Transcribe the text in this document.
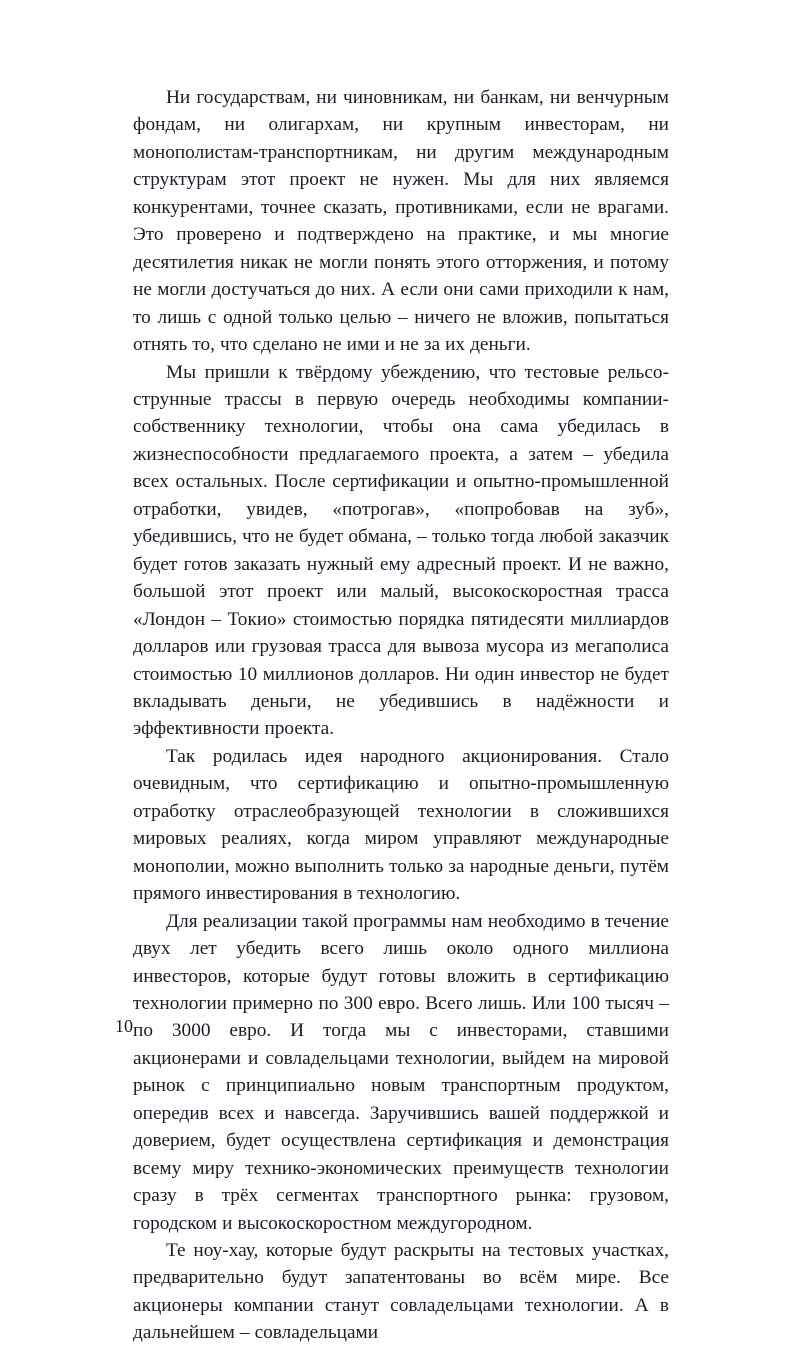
Ни государствам, ни чиновникам, ни банкам, ни венчурным фондам, ни олигархам, ни крупным инвесторам, ни монополистам-транспортникам, ни другим международным структурам этот проект не нужен. Мы для них являемся конкурентами, точнее сказать, противниками, если не врагами. Это проверено и подтверждено на практике, и мы многие десятилетия никак не могли понять этого отторжения, и потому не могли достучаться до них. А если они сами приходили к нам, то лишь с одной только целью – ничего не вложив, попытаться отнять то, что сделано не ими и не за их деньги.

Мы пришли к твёрдому убеждению, что тестовые рельсо-струнные трассы в первую очередь необходимы компании-собственнику технологии, чтобы она сама убедилась в жизнеспособности предлагаемого проекта, а затем – убедила всех остальных. После сертификации и опытно-промышленной отработки, увидев, «потрогав», «попробовав на зуб», убедившись, что не будет обмана, – только тогда любой заказчик будет готов заказать нужный ему адресный проект. И не важно, большой этот проект или малый, высокоскоростная трасса «Лондон – Токио» стоимостью порядка пятидесяти миллиардов долларов или грузовая трасса для вывоза мусора из мегаполиса стоимостью 10 миллионов долларов. Ни один инвестор не будет вкладывать деньги, не убедившись в надёжности и эффективности проекта.

Так родилась идея народного акционирования. Стало очевидным, что сертификацию и опытно-промышленную отработку отраслеобразующей технологии в сложившихся мировых реалиях, когда миром управляют международные монополии, можно выполнить только за народные деньги, путём прямого инвестирования в технологию.

Для реализации такой программы нам необходимо в течение двух лет убедить всего лишь около одного миллиона инвесторов, которые будут готовы вложить в сертификацию технологии примерно по 300 евро. Всего лишь. Или 100 тысяч – по 3000 евро. И тогда мы с инвесторами, ставшими акционерами и совладельцами технологии, выйдем на мировой рынок с принципиально новым транспортным продуктом, опередив всех и навсегда. Заручившись вашей поддержкой и доверием, будет осуществлена сертификация и демонстрация всему миру технико-экономических преимуществ технологии сразу в трёх сегментах транспортного рынка: грузовом, городском и высокоскоростном междугородном.

Те ноу-хау, которые будут раскрыты на тестовых участках, предварительно будут запатентованы во всём мире. Все акционеры компании станут совладельцами технологии. А в дальнейшем – совладельцами

10
